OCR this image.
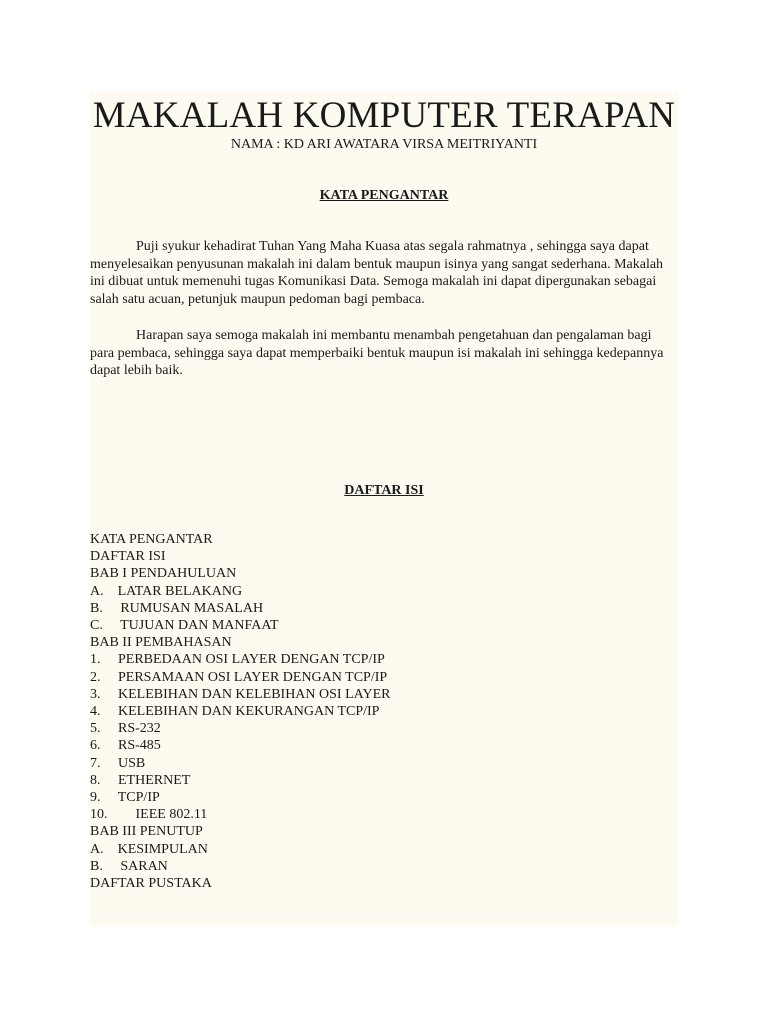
MAKALAH KOMPUTER TERAPAN
NAMA : KD ARI AWATARA VIRSA MEITRIYANTI
KATA PENGANTAR

Puji syukur kehadirat Tuhan Yang Maha Kuasa atas segala rahmatnya , sehingga saya dapat menyelesaikan penyusunan makalah ini dalam bentuk maupun isinya yang sangat sederhana. Makalah ini dibuat untuk memenuhi tugas Komunikasi Data. Semoga makalah ini dapat dipergunakan sebagai salah satu acuan, petunjuk maupun pedoman bagi pembaca.

Harapan saya semoga makalah ini membantu menambah pengetahuan dan pengalaman bagi para pembaca, sehingga saya dapat memperbaiki bentuk maupun isi makalah ini sehingga kedepannya dapat lebih baik.

DAFTAR ISI
KATA PENGANTAR
DAFTAR ISI
BAB I PENDAHULUAN
A.    LATAR BELAKANG
B.     RUMUSAN MASALAH
C.     TUJUAN DAN MANFAAT
BAB II PEMBAHASAN
1.     PERBEDAAN OSI LAYER DENGAN TCP/IP
2.     PERSAMAAN OSI LAYER DENGAN TCP/IP
3.     KELEBIHAN DAN KELEBIHAN OSI LAYER
4.     KELEBIHAN DAN KEKURANGAN TCP/IP
5.     RS-232
6.     RS-485
7.     USB
8.     ETHERNET
9.     TCP/IP
10.        IEEE 802.11
BAB III PENUTUP
A.    KESIMPULAN
B.     SARAN
DAFTAR PUSTAKA
